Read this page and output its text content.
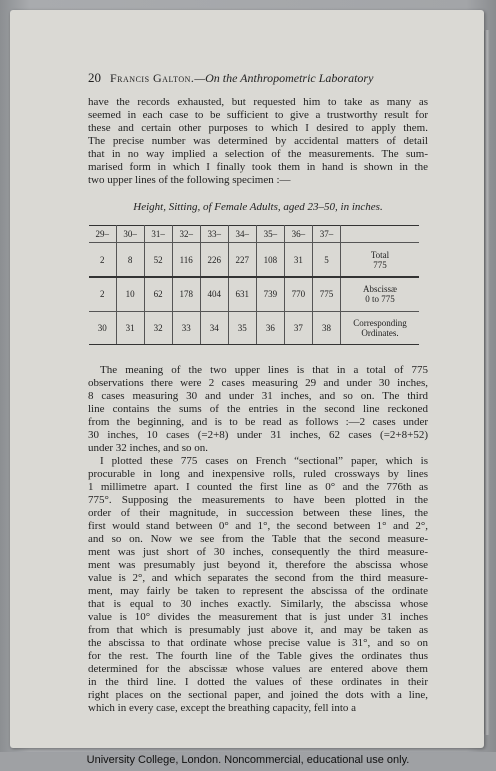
20 Francis Galton.—On the Anthropometric Laboratory

have the records exhausted, but requested him to take as many as
seemed in each case to be sufficient to give a trustworthy result for
these and certain other purposes to which I desired to apply them.
The precise number was determined by accidental matters of detail
that in no way implied a selection of the measurements. The sum-
marised form in which I finally took them in hand is shown in the
two upper lines of the following specimen :—

Height, Sitting, of Female Adults, aged 23–50, in inches.
29–	30–	31–	32–	33–	34–	35–	36–	37–	
2	8	52	116	226	227	108	31	5	Total
775
2	10	62	178	404	631	739	770	775	Abscissæ
0 to 775
30	31	32	33	34	35	36	37	38	Corresponding
Ordinates.

The meaning of the two upper lines is that in a total of 775
observations there were 2 cases measuring 29 and under 30 inches,
8 cases measuring 30 and under 31 inches, and so on. The third
line contains the sums of the entries in the second line reckoned
from the beginning, and is to be read as follows :—2 cases under
30 inches, 10 cases (=2+8) under 31 inches, 62 cases (=2+8+52)
under 32 inches, and so on.

I plotted these 775 cases on French “sectional” paper, which is
procurable in long and inexpensive rolls, ruled crossways by lines
1 millimetre apart. I counted the first line as 0° and the 776th as
775°. Supposing the measurements to have been plotted in the
order of their magnitude, in succession between these lines, the
first would stand between 0° and 1°, the second between 1° and 2°,
and so on. Now we see from the Table that the second measure-
ment was just short of 30 inches, consequently the third measure-
ment was presumably just beyond it, therefore the abscissa whose
value is 2°, and which separates the second from the third measure-
ment, may fairly be taken to represent the abscissa of the ordinate
that is equal to 30 inches exactly. Similarly, the abscissa whose
value is 10° divides the measurement that is just under 31 inches
from that which is presumably just above it, and may be taken as
the abscissa to that ordinate whose precise value is 31°, and so on
for the rest. The fourth line of the Table gives the ordinates thus
determined for the abscissæ whose values are entered above them
in the third line. I dotted the values of these ordinates in their
right places on the sectional paper, and joined the dots with a line,
which in every case, except the breathing capacity, fell into a

University College, London. Noncommercial, educational use only.
